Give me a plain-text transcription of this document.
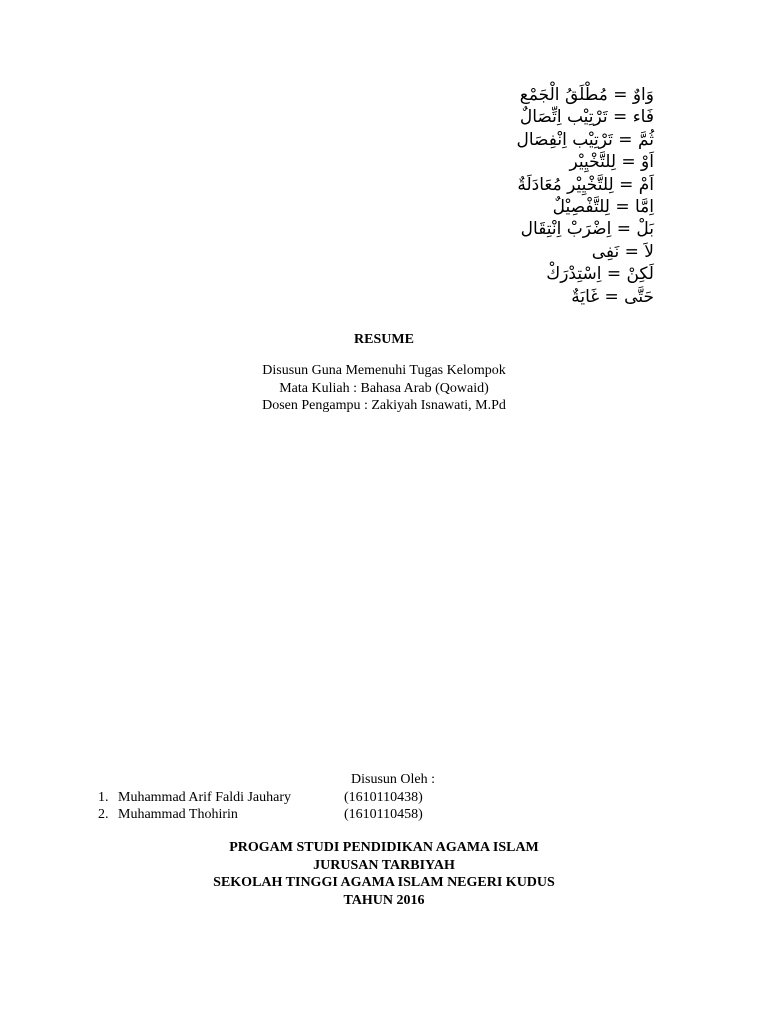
وَاوٌ = مُطْلَقُ الْجَمْع
فَاء = تَرْتِيْب اِتِّصَالٌ
ثُمَّ = تَرْتِيْب اِنْفِصَال
اَوْ = لِلتَّخْيِيْر
اَمْ = لِلتَّخْيِيْر مُعَادَلَةٌ
اِمَّا = لِلتَّفْصِيْلٌ
بَلْ = اِضْرَبْ اِنْتِقَال
لاَ = نَفِى
لَكِنْ = اِسْتِدْرَكْ
حَتَّى = غَايَةٌ
RESUME
Disusun Guna Memenuhi Tugas Kelompok
Mata Kuliah : Bahasa Arab (Qowaid)
Dosen Pengampu : Zakiyah Isnawati, M.Pd
Disusun Oleh :
1. Muhammad Arif Faldi Jauhary	(1610110438)
2. Muhammad Thohirin	(1610110458)
PROGAM STUDI PENDIDIKAN AGAMA ISLAM
JURUSAN TARBIYAH
SEKOLAH TINGGI AGAMA ISLAM NEGERI KUDUS
TAHUN 2016
